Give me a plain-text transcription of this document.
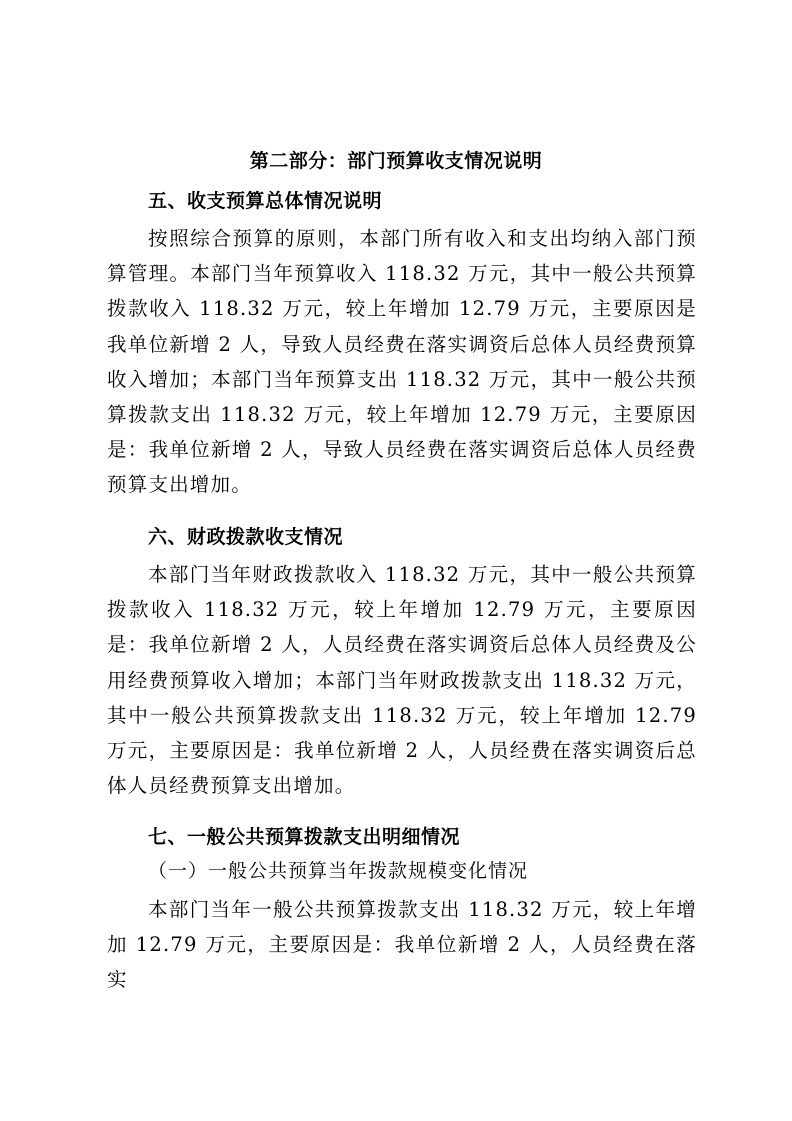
第二部分：部门预算收支情况说明
五、收支预算总体情况说明

按照综合预算的原则，本部门所有收入和支出均纳入部门预算管理。本部门当年预算收入 118.32 万元，其中一般公共预算拨款收入 118.32 万元，较上年增加 12.79 万元，主要原因是我单位新增 2 人，导致人员经费在落实调资后总体人员经费预算收入增加；本部门当年预算支出 118.32 万元，其中一般公共预算拨款支出 118.32 万元，较上年增加 12.79 万元，主要原因是：我单位新增 2 人，导致人员经费在落实调资后总体人员经费预算支出增加。

六、财政拨款收支情况

本部门当年财政拨款收入 118.32 万元，其中一般公共预算拨款收入 118.32 万元，较上年增加 12.79 万元，主要原因是：我单位新增 2 人，人员经费在落实调资后总体人员经费及公用经费预算收入增加；本部门当年财政拨款支出 118.32 万元，其中一般公共预算拨款支出 118.32 万元，较上年增加 12.79 万元，主要原因是：我单位新增 2 人，人员经费在落实调资后总体人员经费预算支出增加。

七、一般公共预算拨款支出明细情况
（一）一般公共预算当年拨款规模变化情况

本部门当年一般公共预算拨款支出 118.32 万元，较上年增加 12.79 万元，主要原因是：我单位新增 2 人，人员经费在落实
